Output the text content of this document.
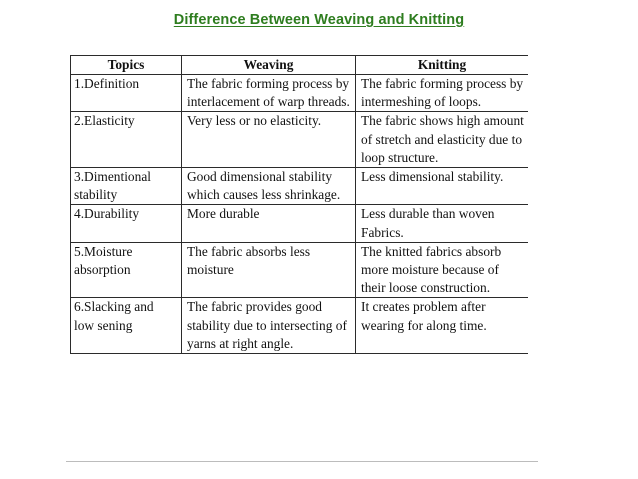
Difference Between Weaving and Knitting
Topics	Weaving	Knitting
1.Definition	The fabric forming process by interlacement of warp threads.	The fabric forming process by intermeshing of loops.
2.Elasticity	Very less or no elasticity.	The fabric shows high amount of stretch and elasticity due to loop structure.
3.Dimentional stability	Good dimensional stability which causes less shrinkage.	Less dimensional stability.
4.Durability	More durable	Less durable than woven Fabrics.
5.Moisture absorption	The fabric absorbs less moisture	The knitted fabrics absorb more moisture because of their loose construction.
6.Slacking and low sening	The fabric provides good stability due to intersecting of yarns at right angle.	It creates problem after wearing for along time.
